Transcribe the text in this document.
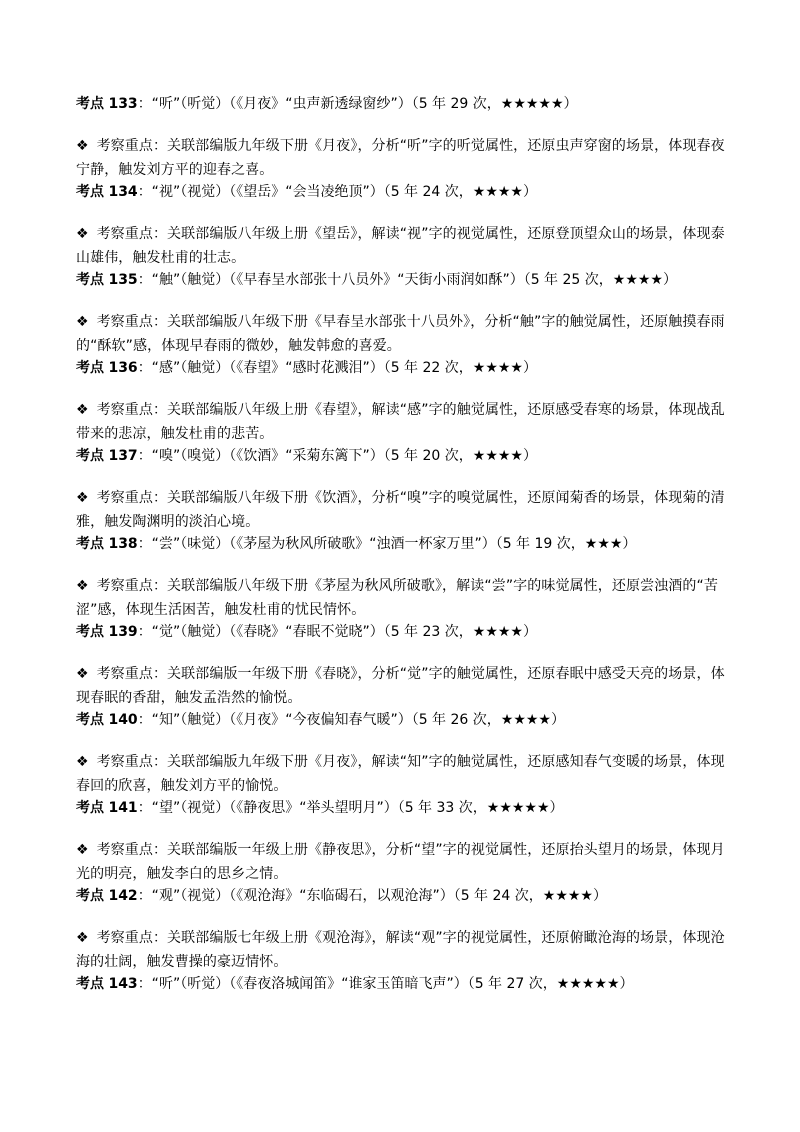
考点 133：“听”（听觉）（《月夜》“虫声新透绿窗纱”）（5 年 29 次，★★★★★）
❖ 考察重点：关联部编版九年级下册《月夜》，分析“听”字的听觉属性，还原虫声穿窗的场景，体现春夜宁静，触发刘方平的迎春之喜。
考点 134：“视”（视觉）（《望岳》“会当凌绝顶”）（5 年 24 次，★★★★）
❖ 考察重点：关联部编版八年级上册《望岳》，解读“视”字的视觉属性，还原登顶望众山的场景，体现泰山雄伟，触发杜甫的壮志。
考点 135：“触”（触觉）（《早春呈水部张十八员外》“天街小雨润如酥”）（5 年 25 次，★★★★）
❖ 考察重点：关联部编版八年级下册《早春呈水部张十八员外》，分析“触”字的触觉属性，还原触摸春雨的“酥软”感，体现早春雨的微妙，触发韩愈的喜爱。
考点 136：“感”（触觉）（《春望》“感时花溅泪”）（5 年 22 次，★★★★）
❖ 考察重点：关联部编版八年级上册《春望》，解读“感”字的触觉属性，还原感受春寒的场景，体现战乱带来的悲凉，触发杜甫的悲苦。
考点 137：“嗅”（嗅觉）（《饮酒》“采菊东篱下”）（5 年 20 次，★★★★）
❖ 考察重点：关联部编版八年级下册《饮酒》，分析“嗅”字的嗅觉属性，还原闻菊香的场景，体现菊的清雅，触发陶渊明的淡泊心境。
考点 138：“尝”（味觉）（《茅屋为秋风所破歌》“浊酒一杯家万里”）（5 年 19 次，★★★）
❖ 考察重点：关联部编版八年级下册《茅屋为秋风所破歌》，解读“尝”字的味觉属性，还原尝浊酒的“苦涩”感，体现生活困苦，触发杜甫的忧民情怀。
考点 139：“觉”（触觉）（《春晓》“春眠不觉晓”）（5 年 23 次，★★★★）
❖ 考察重点：关联部编版一年级下册《春晓》，分析“觉”字的触觉属性，还原春眠中感受天亮的场景，体现春眠的香甜，触发孟浩然的愉悦。
考点 140：“知”（触觉）（《月夜》“今夜偏知春气暖”）（5 年 26 次，★★★★）
❖ 考察重点：关联部编版九年级下册《月夜》，解读“知”字的触觉属性，还原感知春气变暖的场景，体现春回的欣喜，触发刘方平的愉悦。
考点 141：“望”（视觉）（《静夜思》“举头望明月”）（5 年 33 次，★★★★★）
❖ 考察重点：关联部编版一年级上册《静夜思》，分析“望”字的视觉属性，还原抬头望月的场景，体现月光的明亮，触发李白的思乡之情。
考点 142：“观”（视觉）（《观沧海》“东临碣石，以观沧海”）（5 年 24 次，★★★★）
❖ 考察重点：关联部编版七年级上册《观沧海》，解读“观”字的视觉属性，还原俯瞰沧海的场景，体现沧海的壮阔，触发曹操的豪迈情怀。
考点 143：“听”（听觉）（《春夜洛城闻笛》“谁家玉笛暗飞声”）（5 年 27 次，★★★★★）
